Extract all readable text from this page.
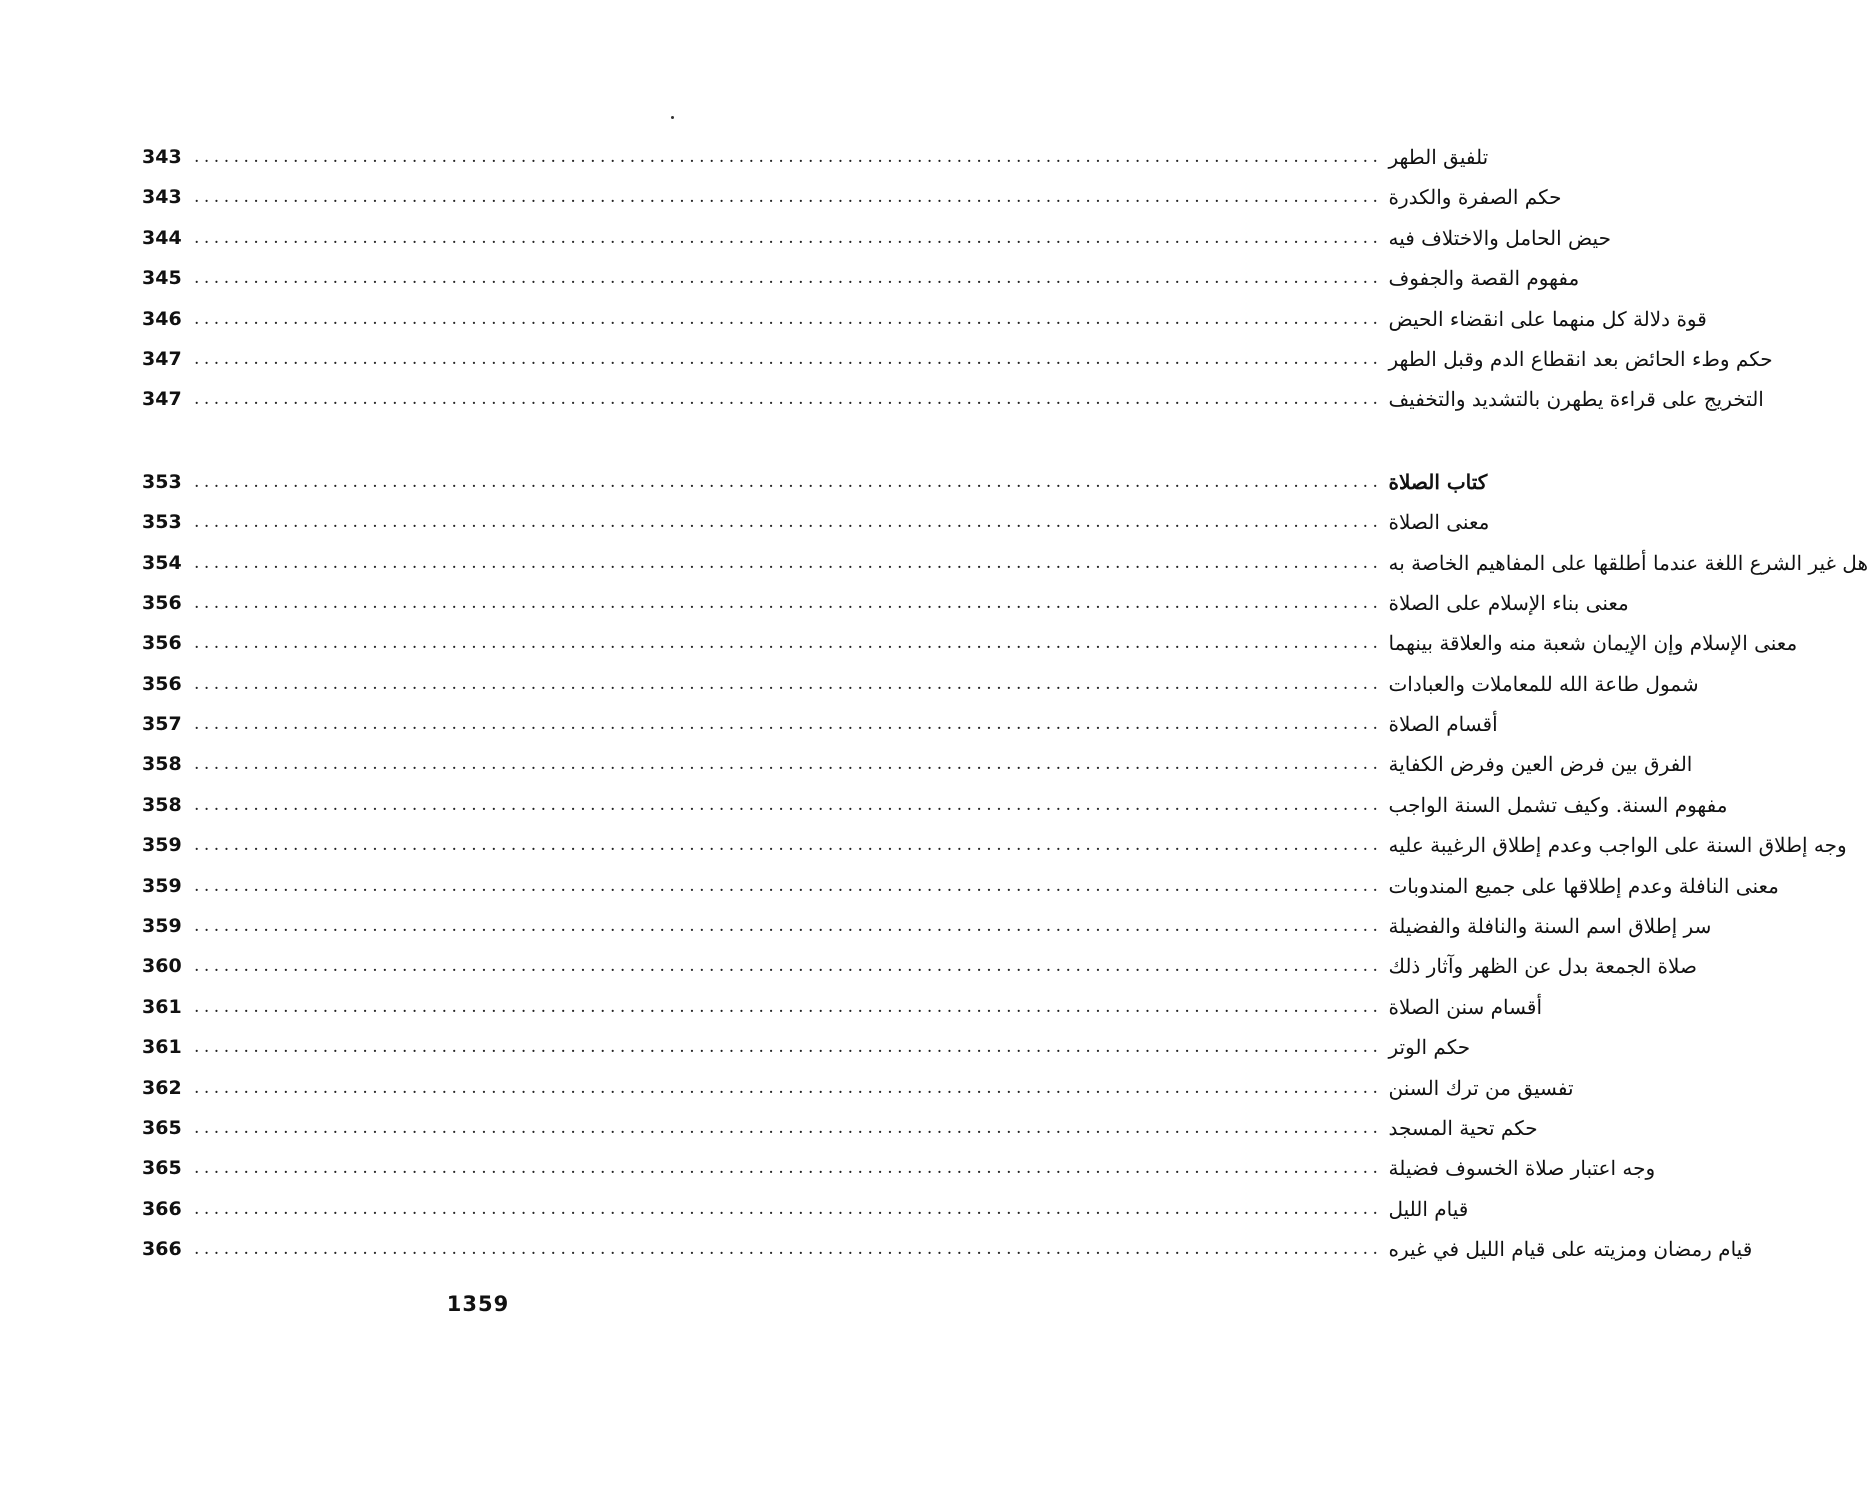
343 ........................................................................................................................ تلفيق الطهر
343 ........................................................................................................................ حكم الصفرة والكدرة
344 ........................................................................................................................ حيض الحامل والاختلاف فيه
345 ........................................................................................................................ مفهوم القصة والجفوف
346 ........................................................................................................................ قوة دلالة كل منهما على انقضاء الحيض
347 ........................................................................................................................ حكم وطء الحائض بعد انقطاع الدم وقبل الطهر
347 ........................................................................................................................ التخريج على قراءة يطهرن بالتشديد والتخفيف
353 ........................................................................................................................ كتاب الصلاة
353 ........................................................................................................................ معنى الصلاة
354 ........................................................................................................................ هل غير الشرع اللغة عندما أطلقها على المفاهيم الخاصة به
356 ........................................................................................................................ معنى بناء الإسلام على الصلاة
356 ........................................................................................................................ معنى الإسلام وإن الإيمان شعبة منه والعلاقة بينهما
356 ........................................................................................................................ شمول طاعة الله للمعاملات والعبادات
357 ........................................................................................................................ أقسام الصلاة
358 ........................................................................................................................ الفرق بين فرض العين وفرض الكفاية
358 ........................................................................................................................ مفهوم السنة. وكيف تشمل السنة الواجب
359 ........................................................................................................................ وجه إطلاق السنة على الواجب وعدم إطلاق الرغيبة عليه
359 ........................................................................................................................ معنى النافلة وعدم إطلاقها على جميع المندوبات
359 ........................................................................................................................ سر إطلاق اسم السنة والنافلة والفضيلة
360 ........................................................................................................................ صلاة الجمعة بدل عن الظهر وآثار ذلك
361 ........................................................................................................................ أقسام سنن الصلاة
361 ........................................................................................................................ حكم الوتر
362 ........................................................................................................................ تفسيق من ترك السنن
365 ........................................................................................................................ حكم تحية المسجد
365 ........................................................................................................................ وجه اعتبار صلاة الخسوف فضيلة
366 ........................................................................................................................ قيام الليل
366 ........................................................................................................................ قيام رمضان ومزيته على قيام الليل في غيره
1359
